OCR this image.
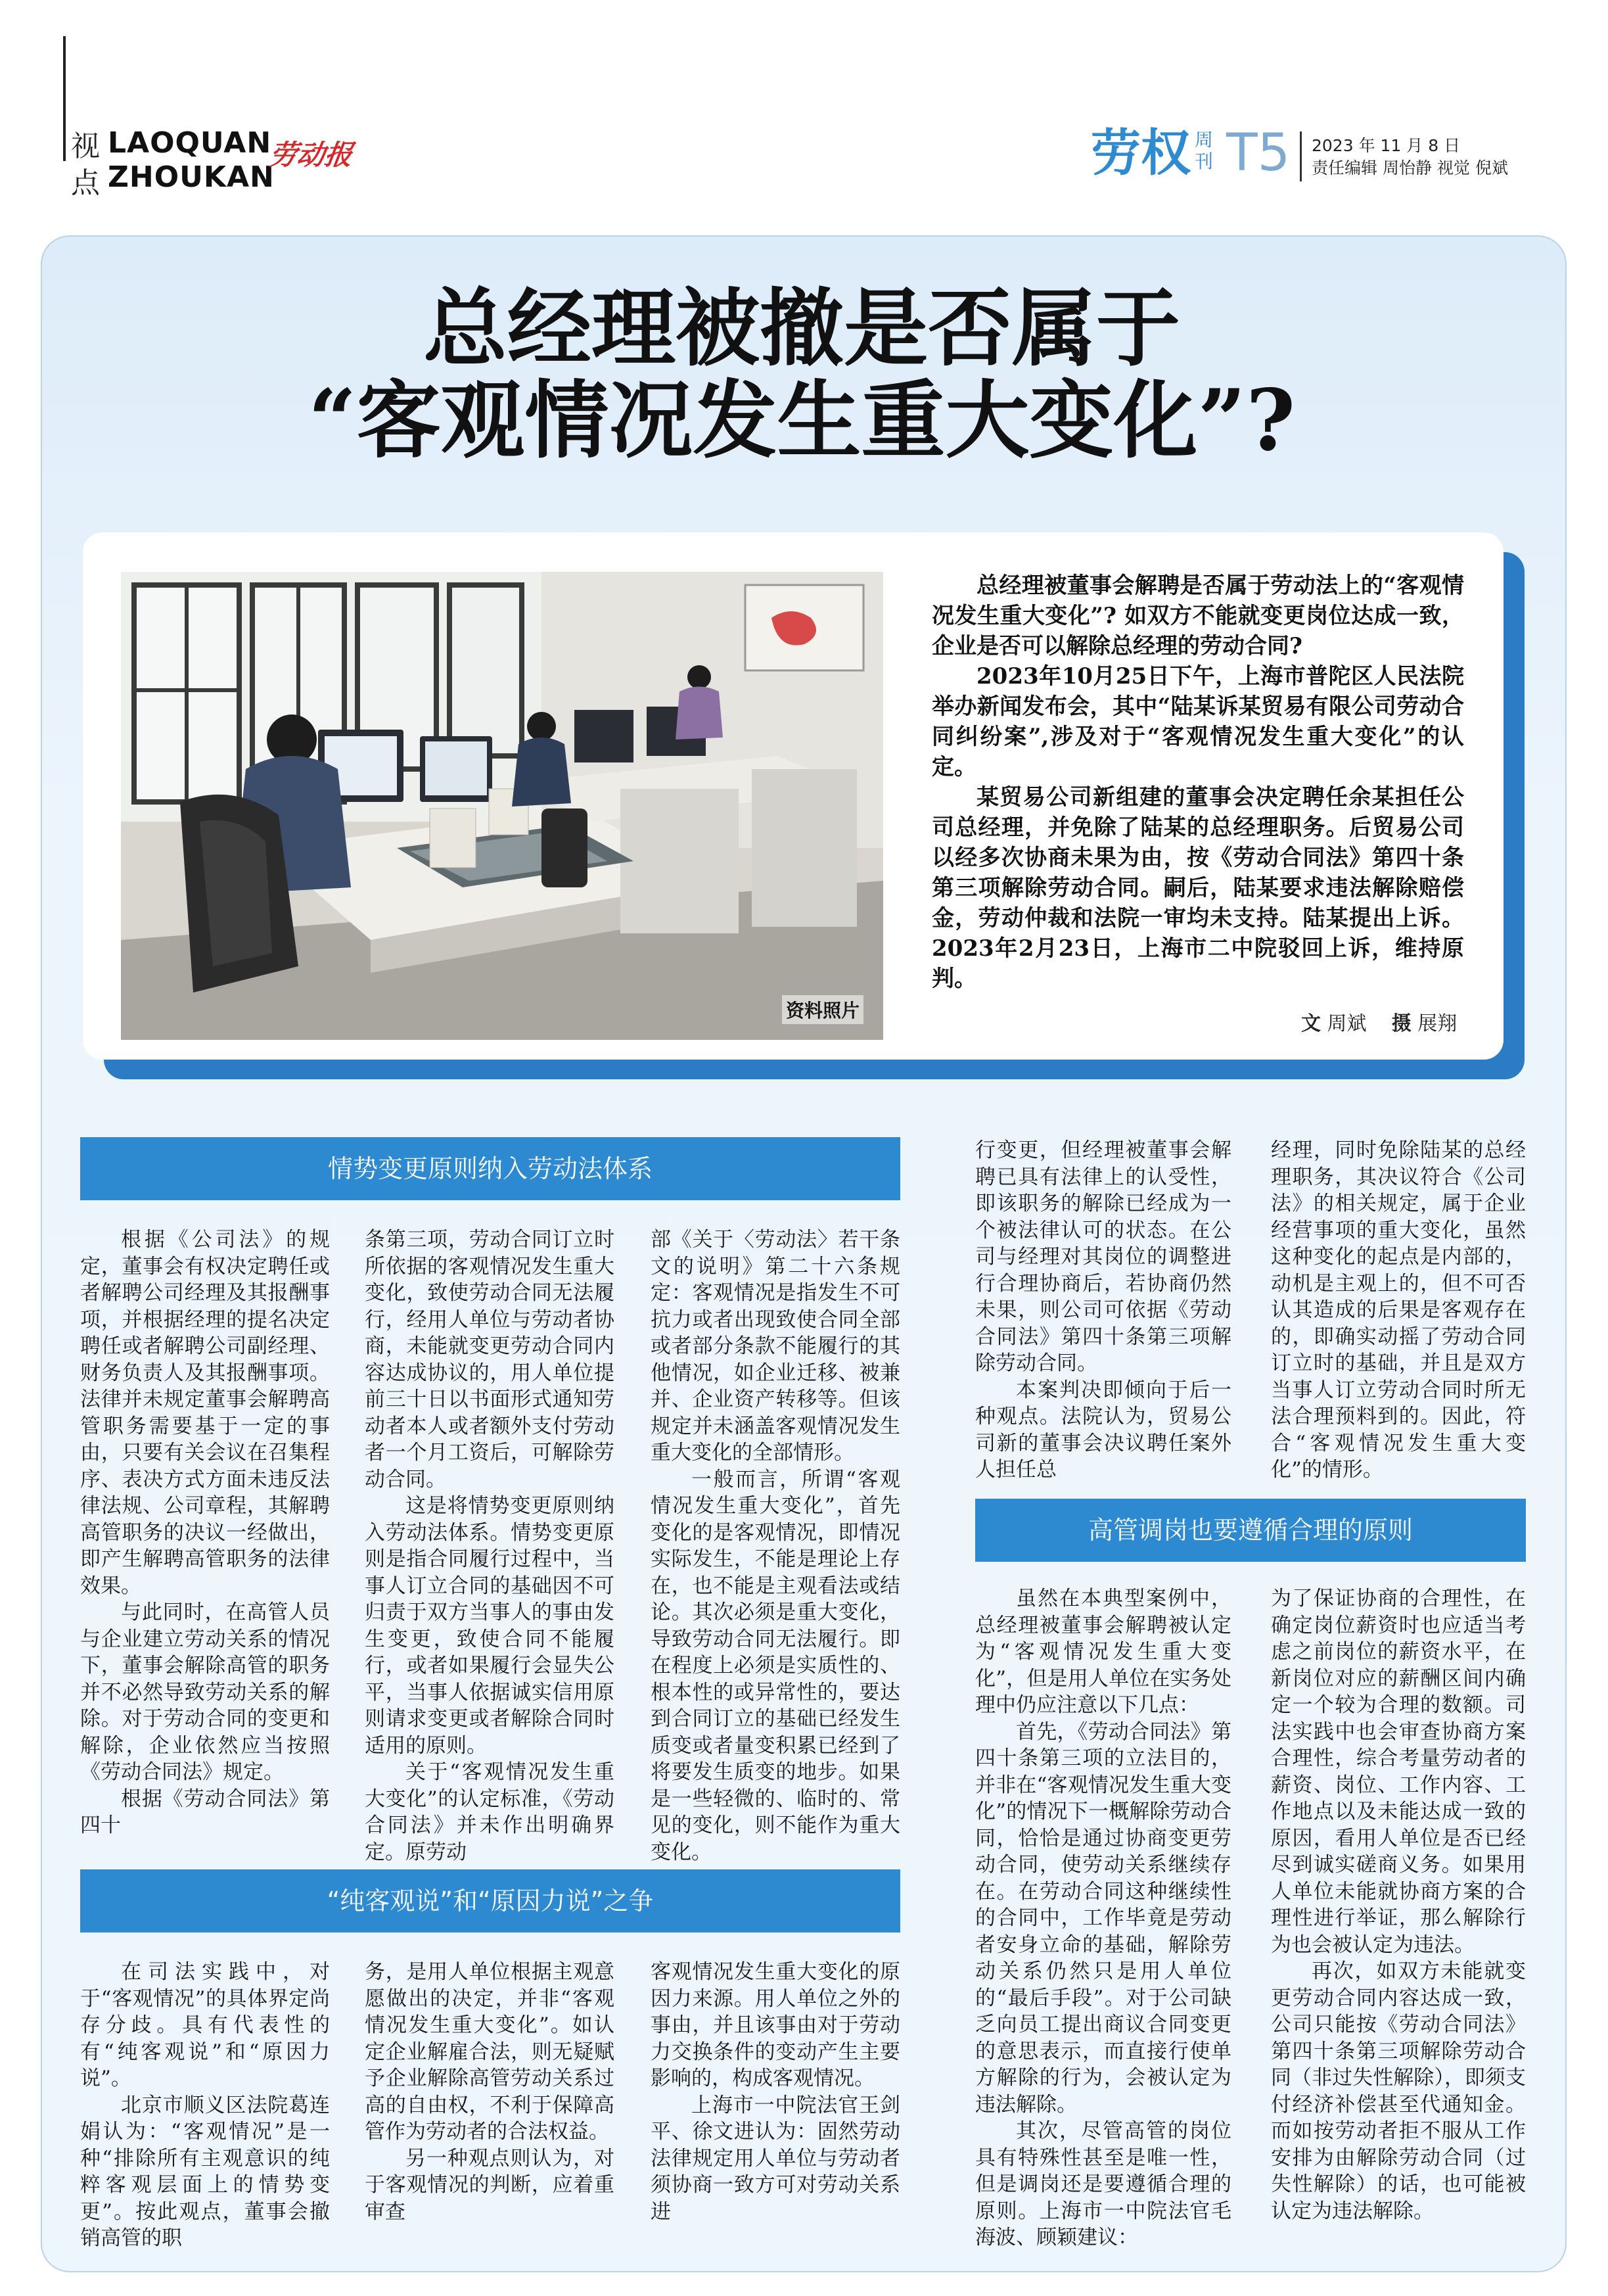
视点
LAOQUAN
ZHOUKAN
劳动报	劳权 周刊 T5 2023 年 11 月 8 日
责任编辑 周怡静 视觉 倪斌
总经理被撤是否属于
“客观情况发生重大变化”?
资料照片

总经理被董事会解聘是否属于劳动法上的“客观情况发生重大变化”? 如双方不能就变更岗位达成一致，企业是否可以解除总经理的劳动合同?

2023年10月25日下午，上海市普陀区人民法院举办新闻发布会，其中“陆某诉某贸易有限公司劳动合同纠纷案”,涉及对于“客观情况发生重大变化”的认定。

某贸易公司新组建的董事会决定聘任余某担任公司总经理，并免除了陆某的总经理职务。后贸易公司以经多次协商未果为由，按《劳动合同法》第四十条第三项解除劳动合同。嗣后，陆某要求违法解除赔偿金，劳动仲裁和法院一审均未支持。陆某提出上诉。2023年2月23日，上海市二中院驳回上诉，维持原判。

文 周斌 摄 展翔
情势变更原则纳入劳动法体系

根据《公司法》的规定，董事会有权决定聘任或者解聘公司经理及其报酬事项，并根据经理的提名决定聘任或者解聘公司副经理、财务负责人及其报酬事项。法律并未规定董事会解聘高管职务需要基于一定的事由，只要有关会议在召集程序、表决方式方面未违反法律法规、公司章程，其解聘高管职务的决议一经做出，即产生解聘高管职务的法律效果。

与此同时，在高管人员与企业建立劳动关系的情况下，董事会解除高管的职务并不必然导致劳动关系的解除。对于劳动合同的变更和解除，企业依然应当按照《劳动合同法》规定。

根据《劳动合同法》第四十

条第三项，劳动合同订立时所依据的客观情况发生重大变化，致使劳动合同无法履行，经用人单位与劳动者协商，未能就变更劳动合同内容达成协议的，用人单位提前三十日以书面形式通知劳动者本人或者额外支付劳动者一个月工资后，可解除劳动合同。

这是将情势变更原则纳入劳动法体系。情势变更原则是指合同履行过程中，当事人订立合同的基础因不可归责于双方当事人的事由发生变更，致使合同不能履行，或者如果履行会显失公平，当事人依据诚实信用原则请求变更或者解除合同时适用的原则。

关于“客观情况发生重大变化”的认定标准，《劳动合同法》并未作出明确界定。原劳动

部《关于〈劳动法〉若干条文的说明》第二十六条规定：客观情况是指发生不可抗力或者出现致使合同全部或者部分条款不能履行的其他情况，如企业迁移、被兼并、企业资产转移等。但该规定并未涵盖客观情况发生重大变化的全部情形。

一般而言，所谓“客观情况发生重大变化”，首先变化的是客观情况，即情况实际发生，不能是理论上存在，也不能是主观看法或结论。其次必须是重大变化，导致劳动合同无法履行。即在程度上必须是实质性的、根本性的或异常性的，要达到合同订立的基础已经发生质变或者量变积累已经到了将要发生质变的地步。如果是一些轻微的、临时的、常见的变化，则不能作为重大变化。

“纯客观说”和“原因力说”之争

在司法实践中，对于“客观情况”的具体界定尚存分歧。具有代表性的有“纯客观说”和“原因力说”。

北京市顺义区法院葛连娟认为：“客观情况”是一种“排除所有主观意识的纯粹客观层面上的情势变更”。按此观点，董事会撤销高管的职

务，是用人单位根据主观意愿做出的决定，并非“客观情况发生重大变化”。如认定企业解雇合法，则无疑赋予企业解除高管劳动关系过高的自由权，不利于保障高管作为劳动者的合法权益。

另一种观点则认为，对于客观情况的判断，应着重审查

客观情况发生重大变化的原因力来源。用人单位之外的事由，并且该事由对于劳动力交换条件的变动产生主要影响的，构成客观情况。

上海市一中院法官王剑平、徐文进认为：固然劳动法律规定用人单位与劳动者须协商一致方可对劳动关系进

行变更，但经理被董事会解聘已具有法律上的认受性，即该职务的解除已经成为一个被法律认可的状态。在公司与经理对其岗位的调整进行合理协商后，若协商仍然未果，则公司可依据《劳动合同法》第四十条第三项解除劳动合同。

本案判决即倾向于后一种观点。法院认为，贸易公司新的董事会决议聘任案外人担任总

经理，同时免除陆某的总经理职务，其决议符合《公司法》的相关规定，属于企业经营事项的重大变化，虽然这种变化的起点是内部的，动机是主观上的，但不可否认其造成的后果是客观存在的，即确实动摇了劳动合同订立时的基础，并且是双方当事人订立劳动合同时所无法合理预料到的。因此，符合“客观情况发生重大变化”的情形。

高管调岗也要遵循合理的原则

虽然在本典型案例中，总经理被董事会解聘被认定为“客观情况发生重大变化”，但是用人单位在实务处理中仍应注意以下几点：

首先，《劳动合同法》第四十条第三项的立法目的，并非在“客观情况发生重大变化”的情况下一概解除劳动合同，恰恰是通过协商变更劳动合同，使劳动关系继续存在。在劳动合同这种继续性的合同中，工作毕竟是劳动者安身立命的基础，解除劳动关系仍然只是用人单位的“最后手段”。对于公司缺乏向员工提出商议合同变更的意思表示，而直接行使单方解除的行为，会被认定为违法解除。

其次，尽管高管的岗位具有特殊性甚至是唯一性，但是调岗还是要遵循合理的原则。上海市一中院法官毛海波、顾颖建议：

为了保证协商的合理性，在确定岗位薪资时也应适当考虑之前岗位的薪资水平，在新岗位对应的薪酬区间内确定一个较为合理的数额。司法实践中也会审查协商方案合理性，综合考量劳动者的薪资、岗位、工作内容、工作地点以及未能达成一致的原因，看用人单位是否已经尽到诚实磋商义务。如果用人单位未能就协商方案的合理性进行举证，那么解除行为也会被认定为违法。

再次，如双方未能就变更劳动合同内容达成一致，公司只能按《劳动合同法》第四十条第三项解除劳动合同（非过失性解除），即须支付经济补偿甚至代通知金。而如按劳动者拒不服从工作安排为由解除劳动合同（过失性解除）的话，也可能被认定为违法解除。
